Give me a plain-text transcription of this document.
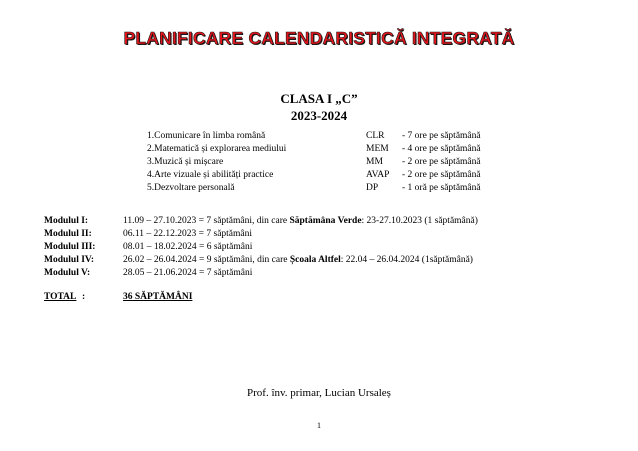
PLANIFICARE CALENDARISTICĂ INTEGRATĂ
CLASA I „C”
2023-2024
1.Comunicare în limba română	CLR - 7 ore pe săptămână
2.Matematică și explorarea mediului	MEM - 4 ore pe săptămână
3.Muzică și mișcare	MM - 2 ore pe săptămână
4.Arte vizuale și abilități practice	AVAP - 2 ore pe săptămână
5.Dezvoltare personală	DP	- 1 oră pe săptămână
Modulul I:	11.09 – 27.10.2023 = 7 săptămâni, din care Săptămâna Verde: 23-27.10.2023 (1 săptămână)
Modulul II:	06.11 – 22.12.2023 = 7 săptămâni
Modulul III:	08.01 – 18.02.2024 = 6 săptămâni
Modulul IV:	26.02 – 26.04.2024 = 9 săptămâni, din care Școala Altfel: 22.04 – 26.04.2024 (1săptămână)
Modulul V:	28.05 – 21.06.2024 = 7 săptămâni
TOTAL :	36 SĂPTĂMÂNI
Prof. înv. primar, Lucian Ursaleș
1
